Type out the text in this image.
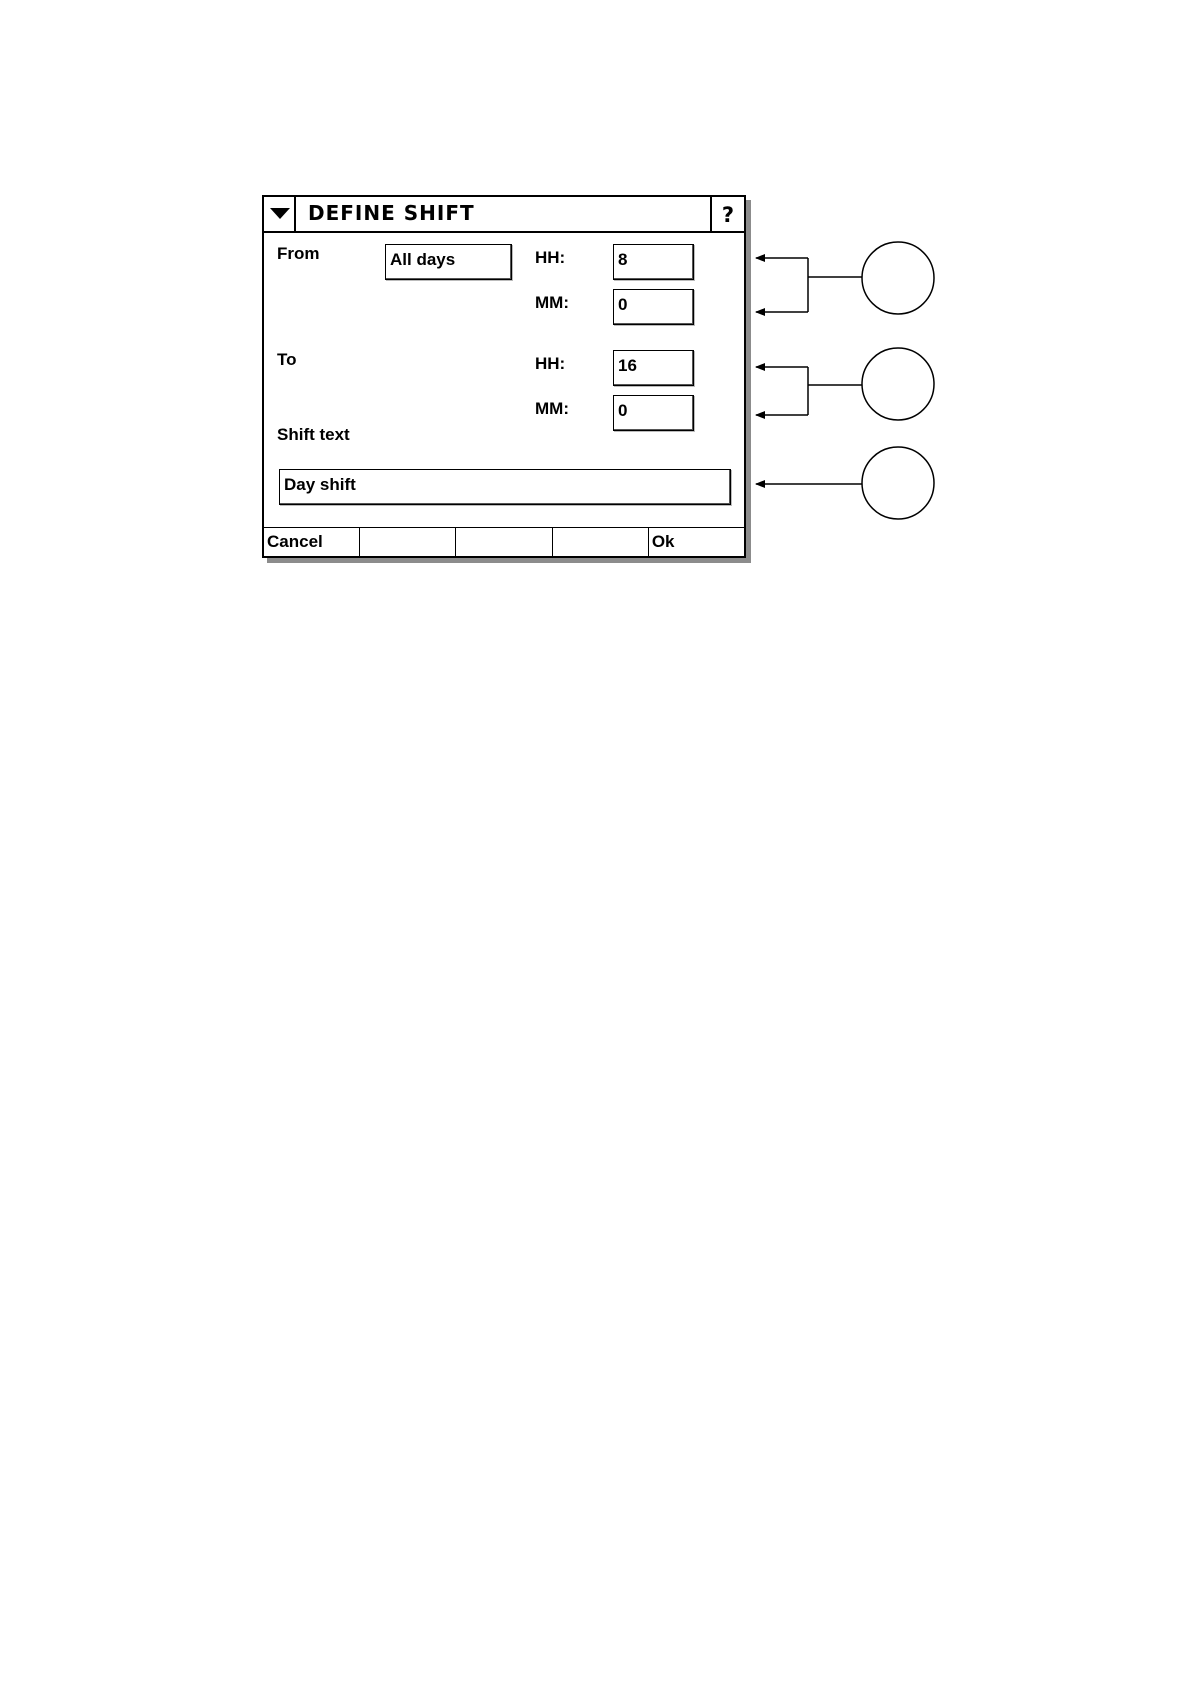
DEFINE SHIFT	?
From	All days	HH:	8
MM:	0
To	HH:	16
MM:	0
Shift text
Day shift
Cancel	Ok
